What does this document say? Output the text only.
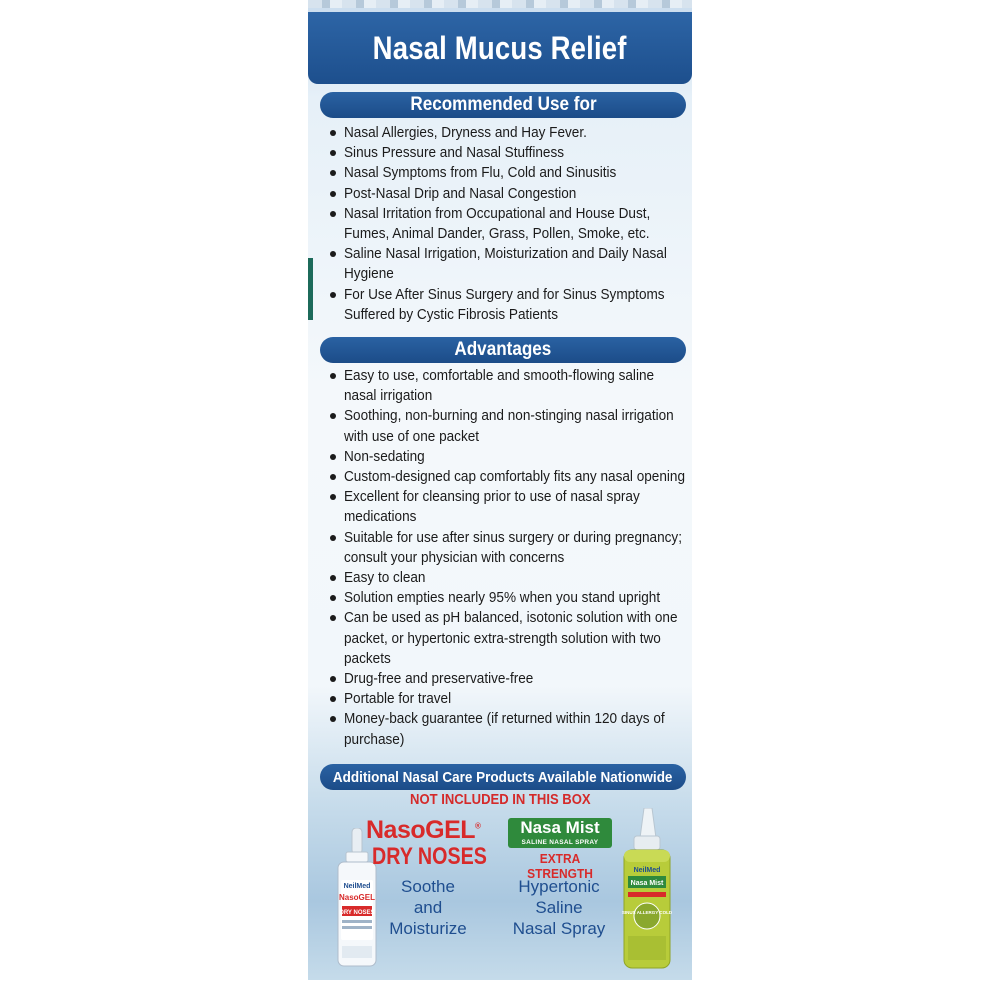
Nasal Mucus Relief
Recommended Use for
Nasal Allergies, Dryness and Hay Fever.
Sinus Pressure and Nasal Stuffiness
Nasal Symptoms from Flu, Cold and Sinusitis
Post-Nasal Drip and Nasal Congestion
Nasal Irritation from Occupational and House Dust, Fumes, Animal Dander, Grass, Pollen, Smoke, etc.
Saline Nasal Irrigation, Moisturization and Daily Nasal Hygiene
For Use After Sinus Surgery and for Sinus Symptoms Suffered by Cystic Fibrosis Patients
Advantages
Easy to use, comfortable and smooth-flowing saline nasal irrigation
Soothing, non-burning and non-stinging nasal irrigation with use of one packet
Non-sedating
Custom-designed cap comfortably fits any nasal opening
Excellent for cleansing prior to use of nasal spray medications
Suitable for use after sinus surgery or during pregnancy; consult your physician with concerns
Easy to clean
Solution empties nearly 95% when you stand upright
Can be used as pH balanced, isotonic solution with one packet, or hypertonic extra-strength solution with two packets
Drug-free and preservative-free
Portable for travel
Money-back guarantee (if returned within 120 days of purchase)
Additional Nasal Care Products Available Nationwide
NOT INCLUDED IN THIS BOX
NeilMed
NasoGEL
DRY NOSES
NasoGEL®
DRY NOSES
Soothe
and
Moisturize
Nasa Mist
SALINE NASAL SPRAY
EXTRA STRENGTH
Hypertonic
Saline
Nasal Spray
NeilMed
Nasa Mist
SINUS ALLERGY COLD
